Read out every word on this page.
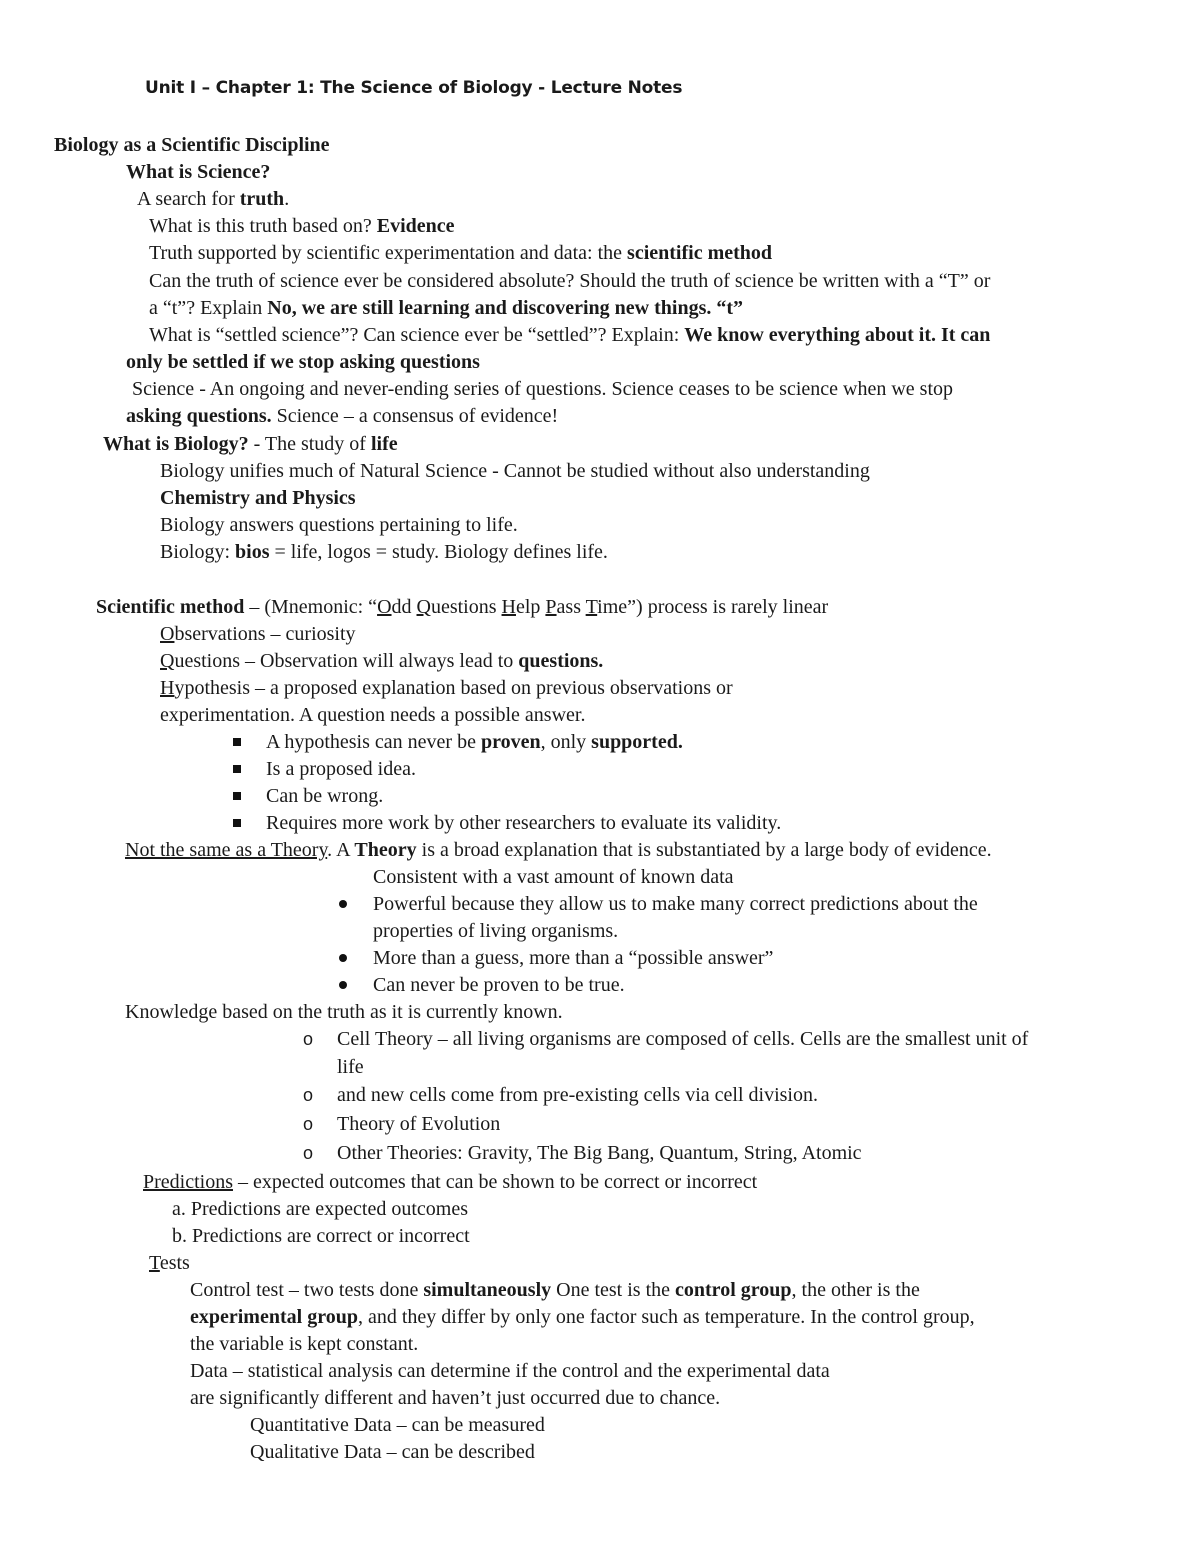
Unit I – Chapter 1: The Science of Biology - Lecture Notes
Biology as a Scientific Discipline
What is Science?
A search for truth.
What is this truth based on? Evidence
Truth supported by scientific experimentation and data: the scientific method
Can the truth of science ever be considered absolute? Should the truth of science be written with a “T” or
a “t”? Explain No, we are still learning and discovering new things. “t”
What is “settled science”? Can science ever be “settled”? Explain: We know everything about it. It can
only be settled if we stop asking questions
Science - An ongoing and never-ending series of questions. Science ceases to be science when we stop
asking questions. Science – a consensus of evidence!
What is Biology? - The study of life
Biology unifies much of Natural Science - Cannot be studied without also understanding
Chemistry and Physics
Biology answers questions pertaining to life.
Biology: bios = life, logos = study. Biology defines life.
Scientific method – (Mnemonic: “Odd Questions Help Pass Time”) process is rarely linear
Observations – curiosity
Questions – Observation will always lead to questions.
Hypothesis – a proposed explanation based on previous observations or
experimentation. A question needs a possible answer.
A hypothesis can never be proven, only supported.
Is a proposed idea.
Can be wrong.
Requires more work by other researchers to evaluate its validity.
Not the same as a Theory. A Theory is a broad explanation that is substantiated by a large body of evidence.
Consistent with a vast amount of known data
Powerful because they allow us to make many correct predictions about the
properties of living organisms.
More than a guess, more than a “possible answer”
Can never be proven to be true.
Knowledge based on the truth as it is currently known.
o Cell Theory – all living organisms are composed of cells. Cells are the smallest unit of
life
o and new cells come from pre-existing cells via cell division.
o Theory of Evolution
o Other Theories: Gravity, The Big Bang, Quantum, String, Atomic
Predictions – expected outcomes that can be shown to be correct or incorrect
a. Predictions are expected outcomes
b. Predictions are correct or incorrect
Tests
Control test – two tests done simultaneously One test is the control group, the other is the
experimental group, and they differ by only one factor such as temperature. In the control group,
the variable is kept constant.
Data – statistical analysis can determine if the control and the experimental data
are significantly different and haven’t just occurred due to chance.
Quantitative Data – can be measured
Qualitative Data – can be described
